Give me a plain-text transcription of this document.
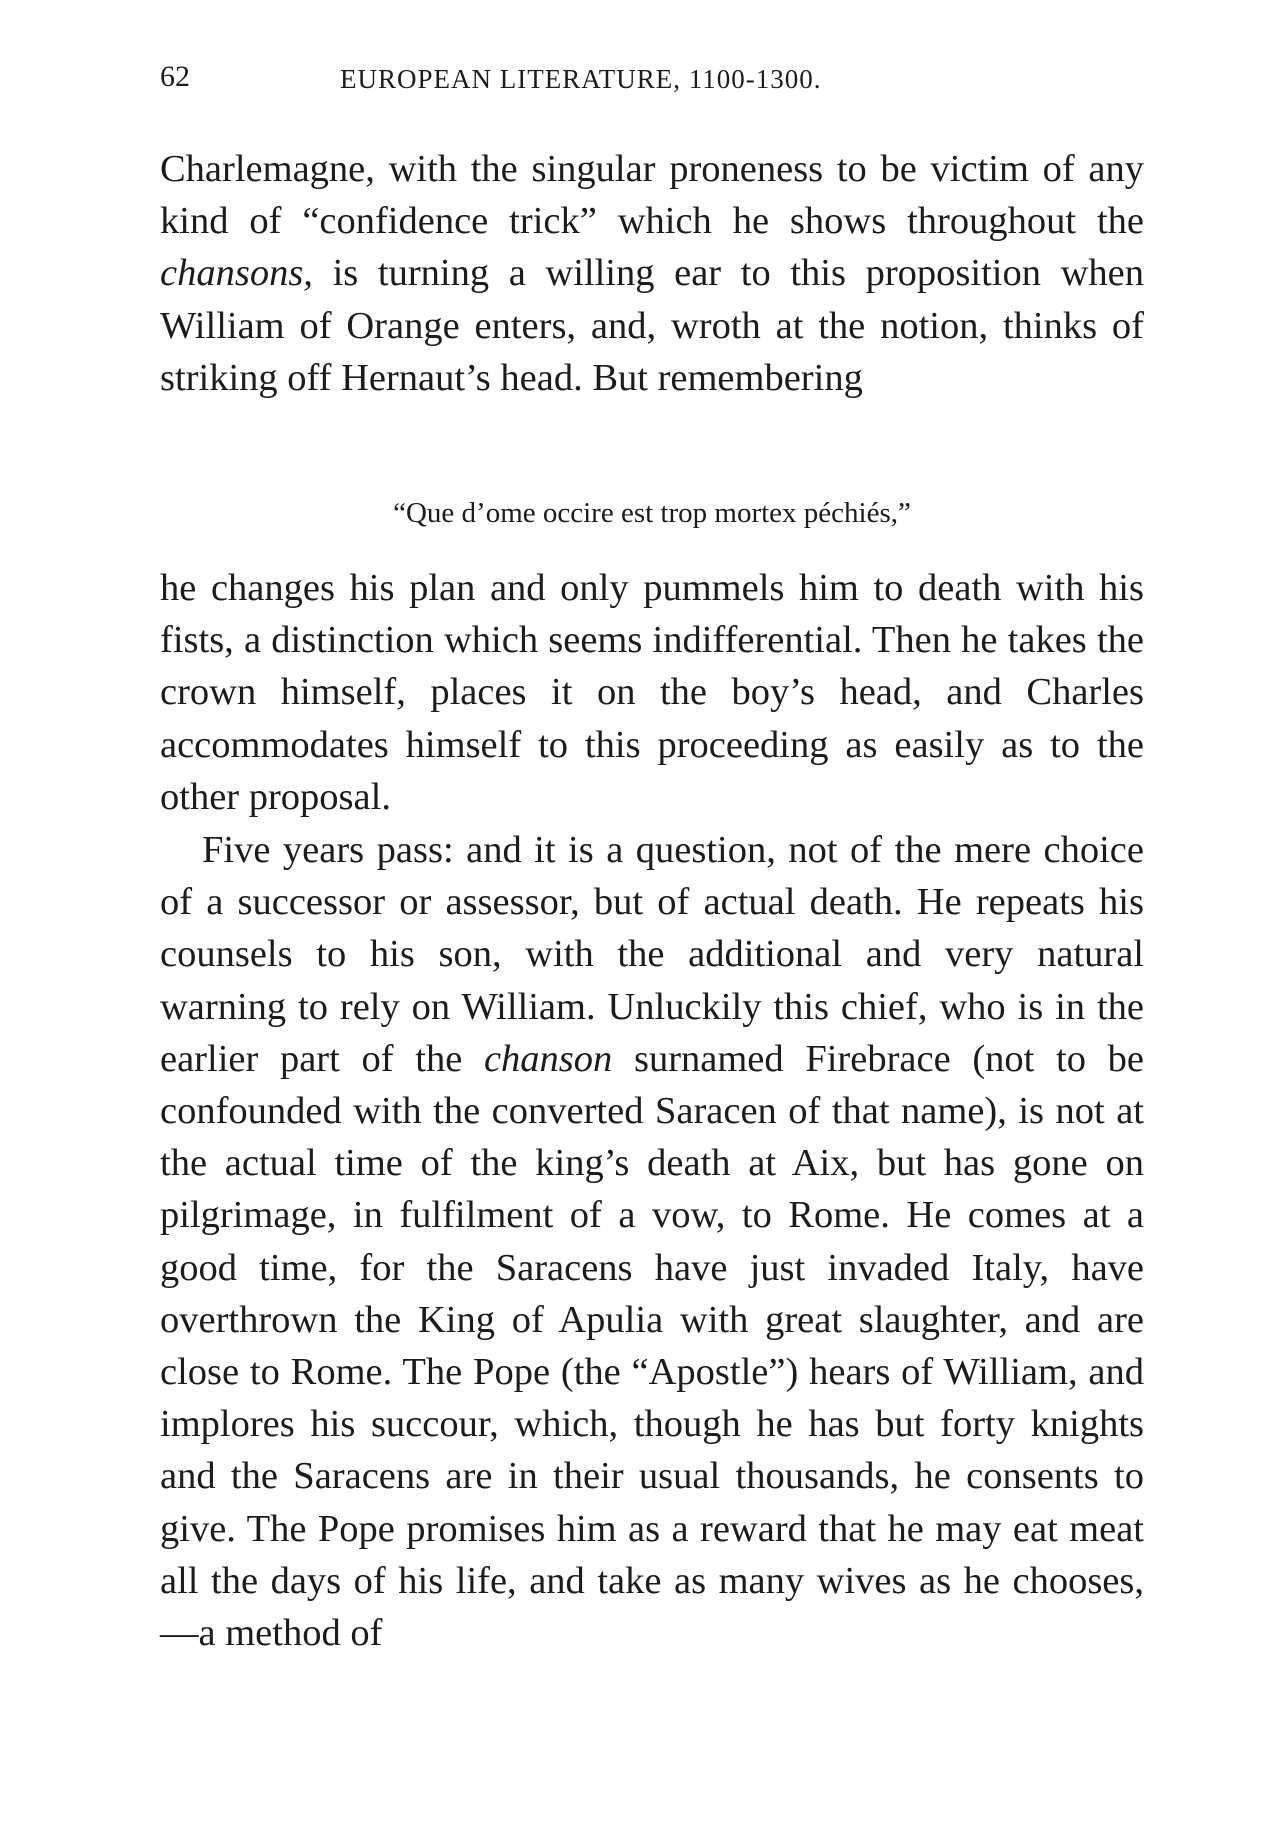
62	EUROPEAN LITERATURE, 1100-1300.

Charlemagne, with the singular proneness to be victim of any kind of “confidence trick” which he shows throughout the chansons, is turning a willing ear to this proposition when William of Orange enters, and, wroth at the notion, thinks of striking off Hernaut’s head. But remembering

“Que d’ome occire est trop mortex péchiés,”

he changes his plan and only pummels him to death with his fists, a distinction which seems indifferential. Then he takes the crown himself, places it on the boy’s head, and Charles accommodates himself to this proceeding as easily as to the other proposal.

Five years pass: and it is a question, not of the mere choice of a successor or assessor, but of actual death. He repeats his counsels to his son, with the additional and very natural warning to rely on William. Unluckily this chief, who is in the earlier part of the chanson surnamed Firebrace (not to be confounded with the converted Saracen of that name), is not at the actual time of the king’s death at Aix, but has gone on pilgrimage, in fulfilment of a vow, to Rome. He comes at a good time, for the Saracens have just invaded Italy, have overthrown the King of Apulia with great slaughter, and are close to Rome. The Pope (the “Apostle”) hears of William, and implores his succour, which, though he has but forty knights and the Saracens are in their usual thousands, he consents to give. The Pope promises him as a reward that he may eat meat all the days of his life, and take as many wives as he chooses,—a method of
